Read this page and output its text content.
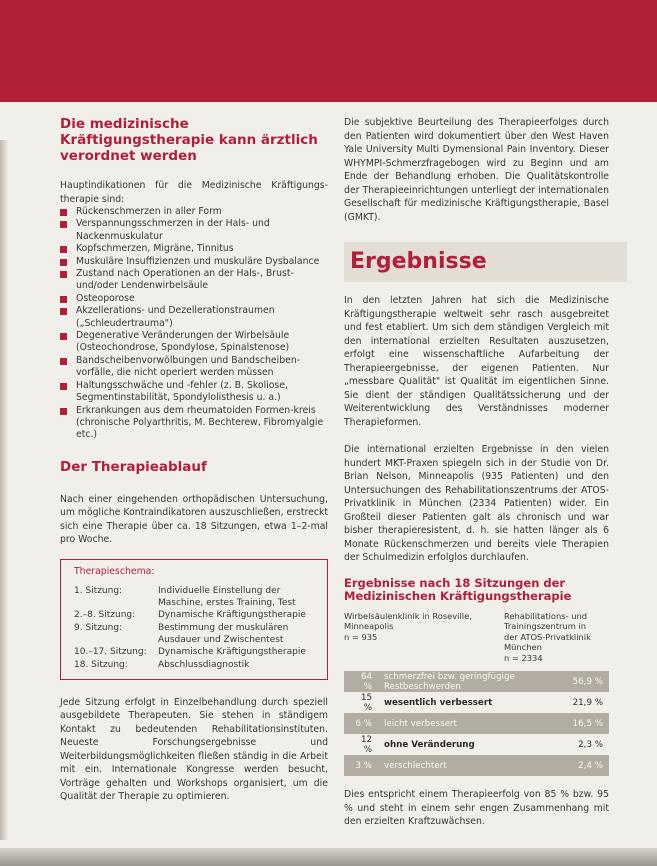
Die medizinische Kräftigungstherapie kann ärztlich verordnet werden

Hauptindikationen für die Medizinische Kräftigungs-therapie sind:

Rückenschmerzen in aller Form
Verspannungsschmerzen in der Hals- und Nackenmuskulatur
Kopfschmerzen, Migräne, Tinnitus
Muskuläre Insuffizienzen und muskuläre Dysbalance
Zustand nach Operationen an der Hals-, Brust- und/oder Lendenwirbelsäule
Osteoporose
Akzellerations- und Dezellerationstraumen („Schleudertrauma")
Degenerative Veränderungen der Wirbelsäule (Osteochondrose, Spondylose, Spinalstenose)
Bandscheibenvorwölbungen und Bandscheiben-vorfälle, die nicht operiert werden müssen
Haltungsschwäche und -fehler (z. B. Skoliose, Segmentinstabilität, Spondylolisthesis u. a.)
Erkrankungen aus dem rheumatoiden Formen-kreis (chronische Polyarthritis, M. Bechterew, Fibromyalgie etc.)
Der Therapieablauf

Nach einer eingehenden orthopädischen Untersuchung, um mögliche Kontraindikatoren auszuschließen, erstreckt sich eine Therapie über ca. 18 Sitzungen, etwa 1–2-mal pro Woche.

Therapieschema:
1. Sitzung:	Individuelle Einstellung der Maschine, erstes Training, Test
2.–8. Sitzung:	Dynamische Kräftigungstherapie
9. Sitzung:	Bestimmung der muskulären Ausdauer und Zwischentest
10.–17. Sitzung:	Dynamische Kräftigungstherapie
18. Sitzung:	Abschlussdiagnostik

Jede Sitzung erfolgt in Einzelbehandlung durch speziell ausgebildete Therapeuten. Sie stehen in ständigem Kontakt zu bedeutenden Rehabilitationsinstituten. Neueste Forschungsergebnisse und Weiterbildungsmöglichkeiten fließen ständig in die Arbeit mit ein. Internationale Kongresse werden besucht, Vorträge gehalten und Workshops organisiert, um die Qualität der Therapie zu optimieren.

Die subjektive Beurteilung des Therapieerfolges durch den Patienten wird dokumentiert über den West Haven Yale University Multi Dymensional Pain Inventory. Dieser WHYMPI-Schmerzfragebogen wird zu Beginn und am Ende der Behandlung erhoben. Die Qualitätskontrolle der Therapieeinrichtungen unterliegt der internationalen Gesellschaft für medizinische Kräftigungstherapie, Basel (GMKT).

Ergebnisse

In den letzten Jahren hat sich die Medizinische Kräftigungstherapie weltweit sehr rasch ausgebreitet und fest etabliert. Um sich dem ständigen Vergleich mit den international erzielten Resultaten auszusetzen, erfolgt eine wissenschaftliche Aufarbeitung der Therapieergebnisse, der eigenen Patienten. Nur „messbare Qualität" ist Qualität im eigentlichen Sinne. Sie dient der ständigen Qualitätssicherung und der Weiterentwicklung des Verständnisses moderner Therapieformen.

Die international erzielten Ergebnisse in den vielen hundert MKT-Praxen spiegeln sich in der Studie von Dr. Brian Nelson, Minneapolis (935 Patienten) und den Untersuchungen des Rehabilitationszentrums der ATOS-Privatklinik in München (2334 Patienten) wider. Ein Großteil dieser Patienten galt als chronisch und war bisher therapieresistent, d. h. sie hatten länger als 6 Monate Rückenschmerzen und bereits viele Therapien der Schulmedizin erfolglos durchlaufen.

Ergebnisse nach 18 Sitzungen der Medizinischen Kräftigungstherapie
Wirbelsäulenklinik in Roseville,
Minneapolis
n = 935
Rehabilitations- und
Trainingszentrum in
der ATOS-Privatklinik
München
n = 2334
64 %	schmerzfrei bzw. geringfügige Restbeschwerden	56,9 %
15 %	wesentlich verbessert	21,9 %
6 %	leicht verbessert	16,5 %
12 %	ohne Veränderung	2,3 %
3 %	verschlechtert	2,4 %

Dies entspricht einem Therapieerfolg von 85 % bzw. 95 % und steht in einem sehr engen Zusammenhang mit den erzielten Kraftzuwächsen.
